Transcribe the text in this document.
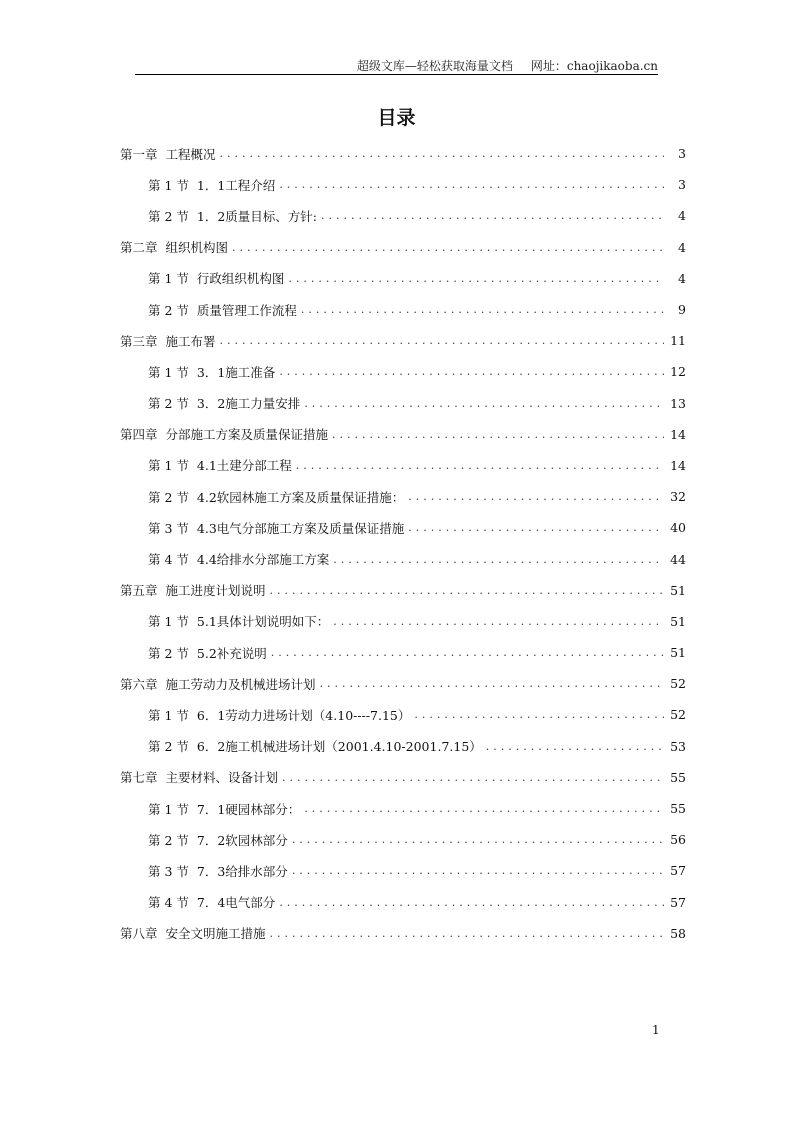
超级文库—轻松获取海量文档 网址：chaojikaoba.cn
目录
第一章 工程概况 .....	3
第 1 节 1．1工程介绍 .....	3
第 2 节 1．2质量目标、方针: .....	4
第二章 组织机构图 .....	4
第 1 节 行政组织机构图 .....	4
第 2 节 质量管理工作流程 .....	9
第三章 施工布署 .....	11
第 1 节 3．1施工准备 .....	12
第 2 节 3．2施工力量安排 .....	13
第四章 分部施工方案及质量保证措施 .....	14
第 1 节 4.1土建分部工程 .....	14
第 2 节 4.2软园林施工方案及质量保证措施： .....	32
第 3 节 4.3电气分部施工方案及质量保证措施 .....	40
第 4 节 4.4给排水分部施工方案 .....	44
第五章 施工进度计划说明 .....	51
第 1 节 5.1具体计划说明如下： .....	51
第 2 节 5.2补充说明 .....	51
第六章 施工劳动力及机械进场计划 .....	52
第 1 节 6．1劳动力进场计划（4.10----7.15） .....	52
第 2 节 6．2施工机械进场计划（2001.4.10-2001.7.15） .....	53
第七章 主要材料、设备计划 .....	55
第 1 节 7．1硬园林部分： .....	55
第 2 节 7．2软园林部分 .....	56
第 3 节 7．3给排水部分 .....	57
第 4 节 7．4电气部分 .....	57
第八章 安全文明施工措施 .....	58
1
